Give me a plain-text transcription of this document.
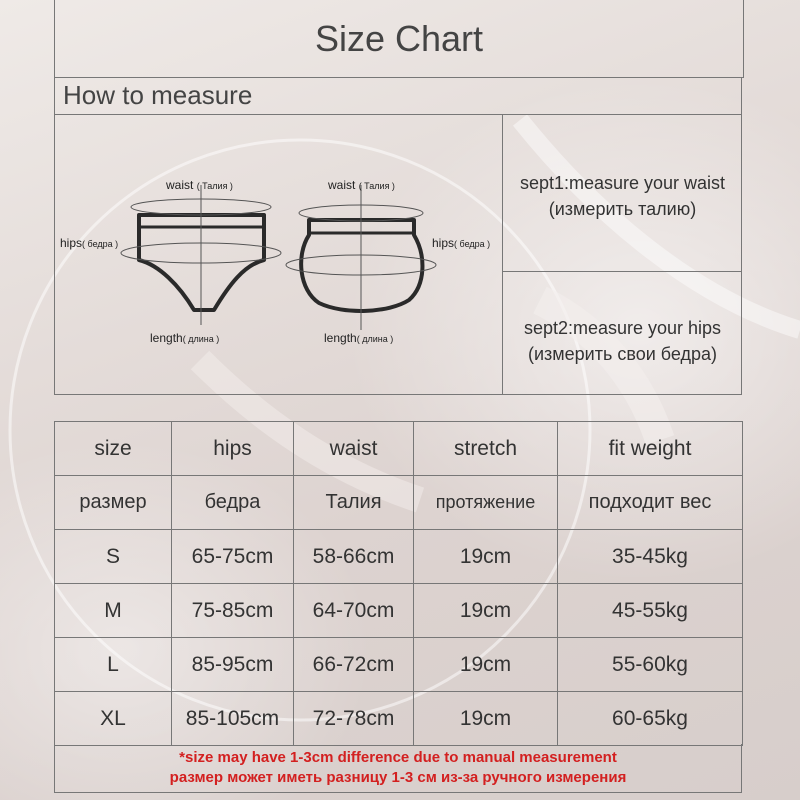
Size Chart
How to measure
waist ( Талия )	waist ( Талия )
hips( бедра )	hips( бедра )
length( длина )	length( длина )
sept1:measure your waist
(измерить талию)
sept2:measure your hips
(измерить свои бедра)
size	hips	waist	stretch	fit weight
размер	бедра	Талия	протяжение	подходит вес
S	65-75cm	58-66cm	19cm	35-45kg
M	75-85cm	64-70cm	19cm	45-55kg
L	85-95cm	66-72cm	19cm	55-60kg
XL	85-105cm	72-78cm	19cm	60-65kg
*size may have 1-3cm difference due to manual measurement
размер может иметь разницу 1-3 см из-за ручного измерения
